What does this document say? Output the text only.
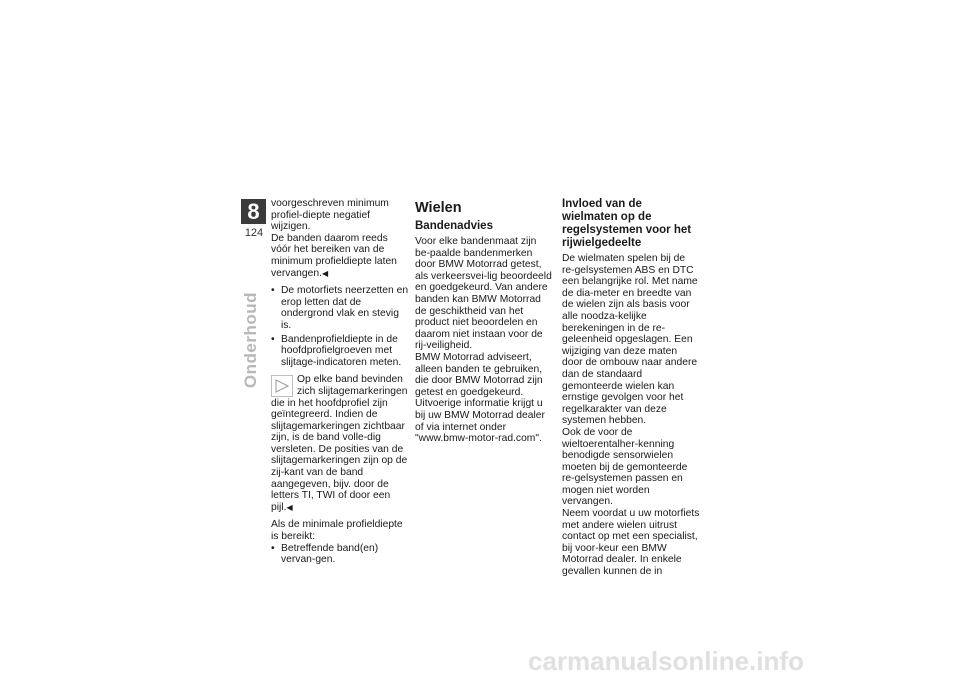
8
124
Onderhoud

voorgeschreven minimum profiel-diepte negatief wijzigen.

De banden daarom reeds vóór het bereiken van de minimum profieldiepte laten vervangen.◀

• De motorfiets neerzetten en erop letten dat de ondergrond vlak en stevig is.
• Bandenprofieldiepte in de hoofdprofielgroeven met slijtage-indicatoren meten.
Op elke band bevinden zich slijtagemarkeringen die in het hoofdprofiel zijn geïntegreerd. Indien de slijtagemarkeringen zichtbaar zijn, is de band volle-dig versleten. De posities van de slijtagemarkeringen zijn op de zij-kant van de band aangegeven, bijv. door de letters TI, TWI of door een pijl.◀

Als de minimale profieldiepte is bereikt:

• Betreffende band(en) vervan-gen.
Wielen
Bandenadvies

Voor elke bandenmaat zijn be-paalde bandenmerken door BMW Motorrad getest, als verkeersvei-lig beoordeeld en goedgekeurd. Van andere banden kan BMW Motorrad de geschiktheid van het product niet beoordelen en daarom niet instaan voor de rij-veiligheid.

BMW Motorrad adviseert, alleen banden te gebruiken, die door BMW Motorrad zijn getest en goedgekeurd.

Uitvoerige informatie krijgt u bij uw BMW Motorrad dealer of via internet onder "www.bmw-motor-rad.com".

Invloed van de wielmaten op de regelsystemen voor het rijwielgedeelte

De wielmaten spelen bij de re-gelsystemen ABS en DTC een belangrijke rol. Met name de dia-meter en breedte van de wielen zijn als basis voor alle noodza-kelijke berekeningen in de re-geleenheid opgeslagen. Een wijziging van deze maten door de ombouw naar andere dan de standaard gemonteerde wielen kan ernstige gevolgen voor het regelkarakter van deze systemen hebben.

Ook de voor de wieltoerentalher-kenning benodigde sensorwielen moeten bij de gemonteerde re-gelsystemen passen en mogen niet worden vervangen.

Neem voordat u uw motorfiets met andere wielen uitrust contact op met een specialist, bij voor-keur een BMW Motorrad dealer. In enkele gevallen kunnen de in

carmanualsonline.info
